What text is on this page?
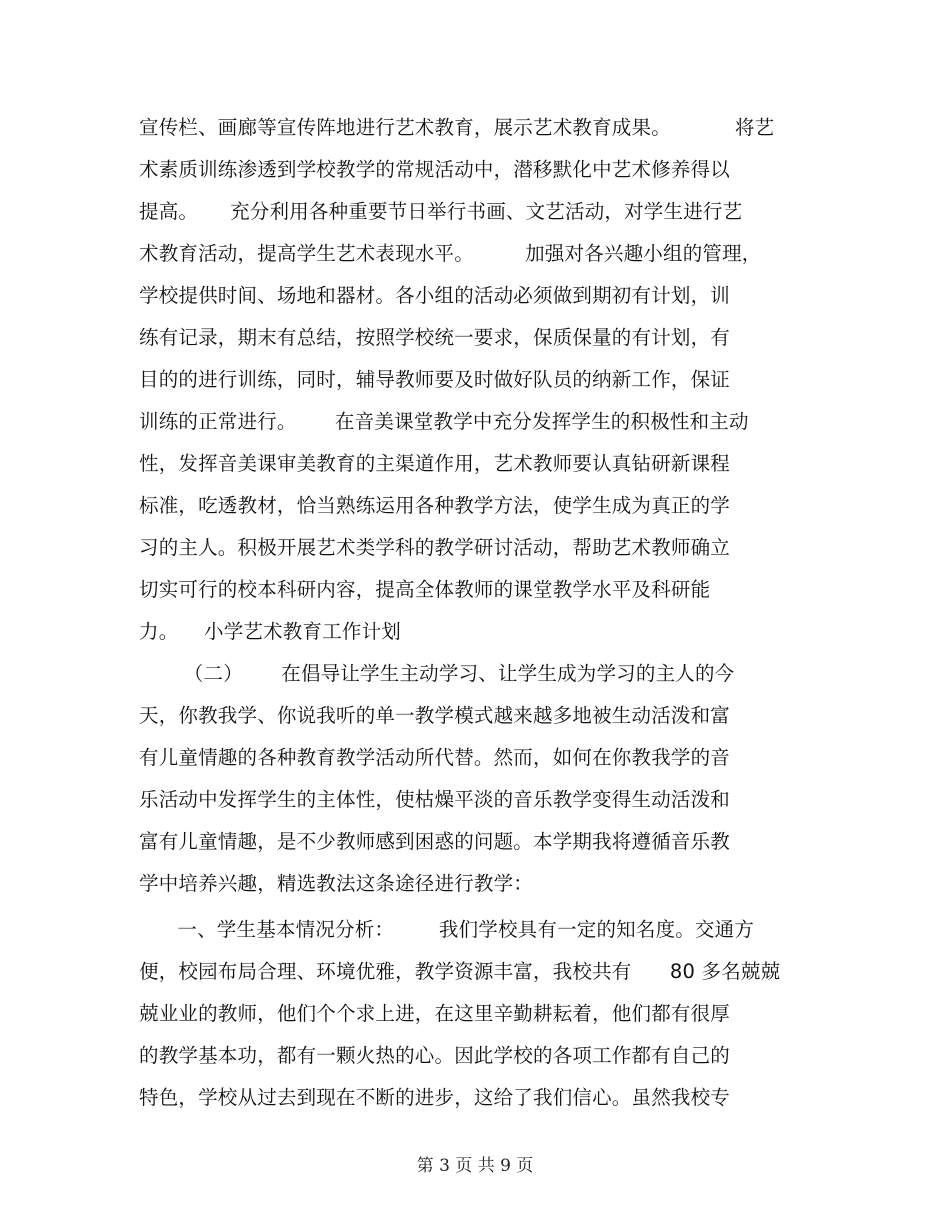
宣传栏、画廊等宣传阵地进行艺术教育，展示艺术教育成果。          将艺
术素质训练渗透到学校教学的常规活动中，潜移默化中艺术修养得以
提高。     充分利用各种重要节日举行书画、文艺活动，对学生进行艺
术教育活动，提高学生艺术表现水平。        加强对各兴趣小组的管理，
学校提供时间、场地和器材。各小组的活动必须做到期初有计划，训
练有记录，期末有总结，按照学校统一要求，保质保量的有计划，有
目的的进行训练，同时，辅导教师要及时做好队员的纳新工作，保证
训练的正常进行。      在音美课堂教学中充分发挥学生的积极性和主动
性，发挥音美课审美教育的主渠道作用，艺术教师要认真钻研新课程
标准，吃透教材，恰当熟练运用各种教学方法，使学生成为真正的学
习的主人。积极开展艺术类学科的教学研讨活动，帮助艺术教师确立
切实可行的校本科研内容，提高全体教师的课堂教学水平及科研能
力。    小学艺术教育工作计划
（二）      在倡导让学生主动学习、让学生成为学习的主人的今
天，你教我学、你说我听的单一教学模式越来越多地被生动活泼和富
有儿童情趣的各种教育教学活动所代替。然而，如何在你教我学的音
乐活动中发挥学生的主体性，使枯燥平淡的音乐教学变得生动活泼和
富有儿童情趣，是不少教师感到困惑的问题。本学期我将遵循音乐教
学中培养兴趣，精选教法这条途径进行教学：
一、学生基本情况分析：       我们学校具有一定的知名度。交通方
便，校园布局合理、环境优雅，教学资源丰富，我校共有      80 多名兢兢
兢业业的教师，他们个个求上进，在这里辛勤耕耘着，他们都有很厚
的教学基本功，都有一颗火热的心。因此学校的各项工作都有自己的
特色，学校从过去到现在不断的进步，这给了我们信心。虽然我校专
第 3 页 共 9 页
